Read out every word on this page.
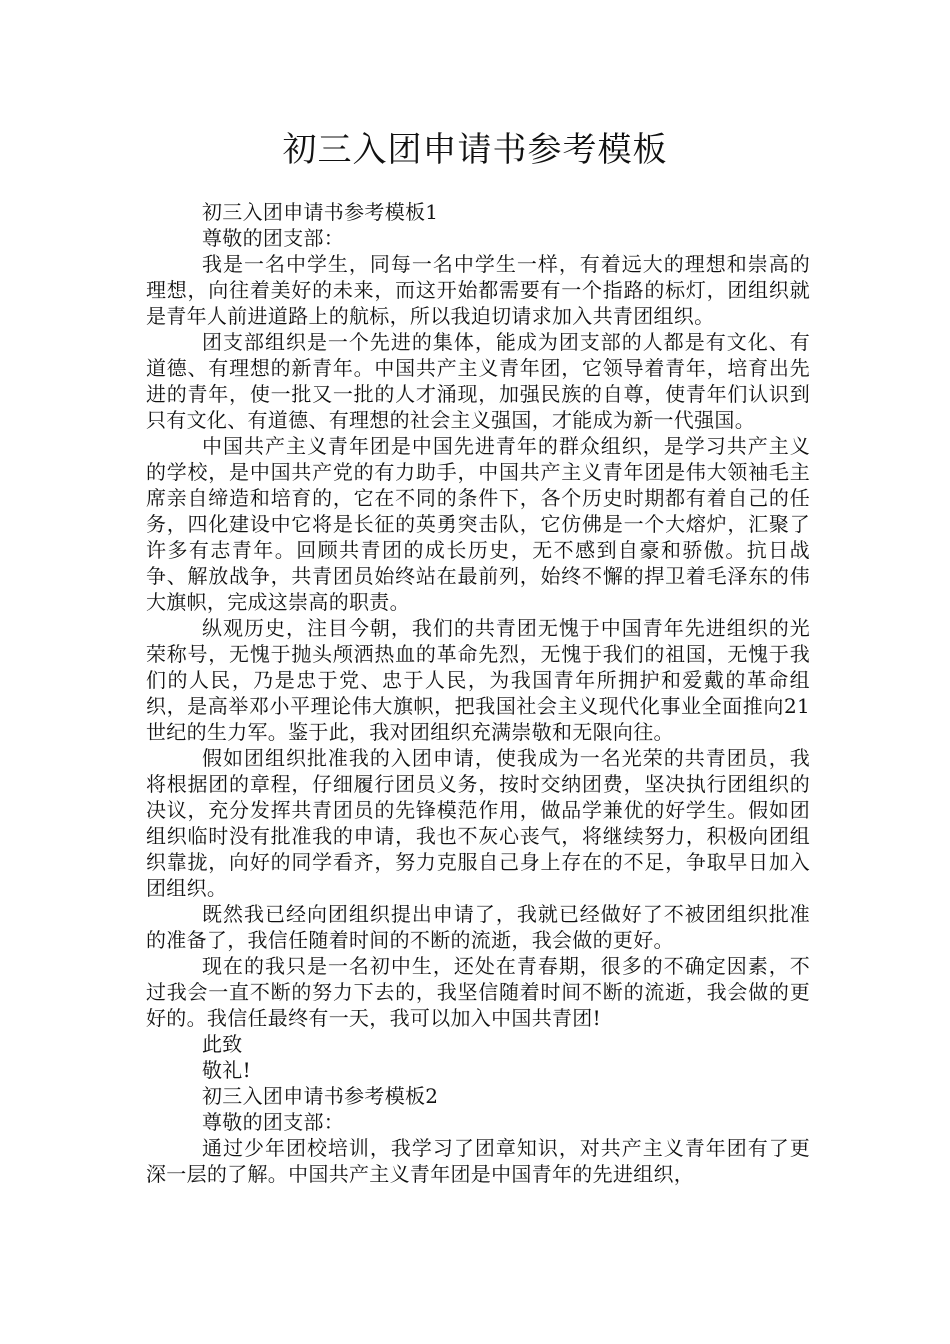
初三入团申请书参考模板

初三入团申请书参考模板1

尊敬的团支部：

我是一名中学生，同每一名中学生一样，有着远大的理想和崇高的理想，向往着美好的未来，而这开始都需要有一个指路的标灯，团组织就是青年人前进道路上的航标，所以我迫切请求加入共青团组织。

团支部组织是一个先进的集体，能成为团支部的人都是有文化、有道德、有理想的新青年。中国共产主义青年团，它领导着青年，培育出先进的青年，使一批又一批的人才涌现，加强民族的自尊，使青年们认识到只有文化、有道德、有理想的社会主义强国，才能成为新一代强国。

中国共产主义青年团是中国先进青年的群众组织，是学习共产主义的学校，是中国共产党的有力助手，中国共产主义青年团是伟大领袖毛主席亲自缔造和培育的，它在不同的条件下，各个历史时期都有着自己的任务，四化建设中它将是长征的英勇突击队，它仿佛是一个大熔炉，汇聚了许多有志青年。回顾共青团的成长历史，无不感到自豪和骄傲。抗日战争、解放战争，共青团员始终站在最前列，始终不懈的捍卫着毛泽东的伟大旗帜，完成这崇高的职责。

纵观历史，注目今朝，我们的共青团无愧于中国青年先进组织的光荣称号，无愧于抛头颅洒热血的革命先烈，无愧于我们的祖国，无愧于我们的人民，乃是忠于党、忠于人民，为我国青年所拥护和爱戴的革命组织，是高举邓小平理论伟大旗帜，把我国社会主义现代化事业全面推向21世纪的生力军。鉴于此，我对团组织充满崇敬和无限向往。

假如团组织批准我的入团申请，使我成为一名光荣的共青团员，我将根据团的章程，仔细履行团员义务，按时交纳团费，坚决执行团组织的决议，充分发挥共青团员的先锋模范作用，做品学兼优的好学生。假如团组织临时没有批准我的申请，我也不灰心丧气，将继续努力，积极向团组织靠拢，向好的同学看齐，努力克服自己身上存在的不足，争取早日加入团组织。

既然我已经向团组织提出申请了，我就已经做好了不被团组织批准的准备了，我信任随着时间的不断的流逝，我会做的更好。

现在的我只是一名初中生，还处在青春期，很多的不确定因素，不过我会一直不断的努力下去的，我坚信随着时间不断的流逝，我会做的更好的。我信任最终有一天，我可以加入中国共青团!

此致

敬礼!

初三入团申请书参考模板2

尊敬的团支部：

通过少年团校培训，我学习了团章知识，对共产主义青年团有了更深一层的了解。中国共产主义青年团是中国青年的先进组织，
